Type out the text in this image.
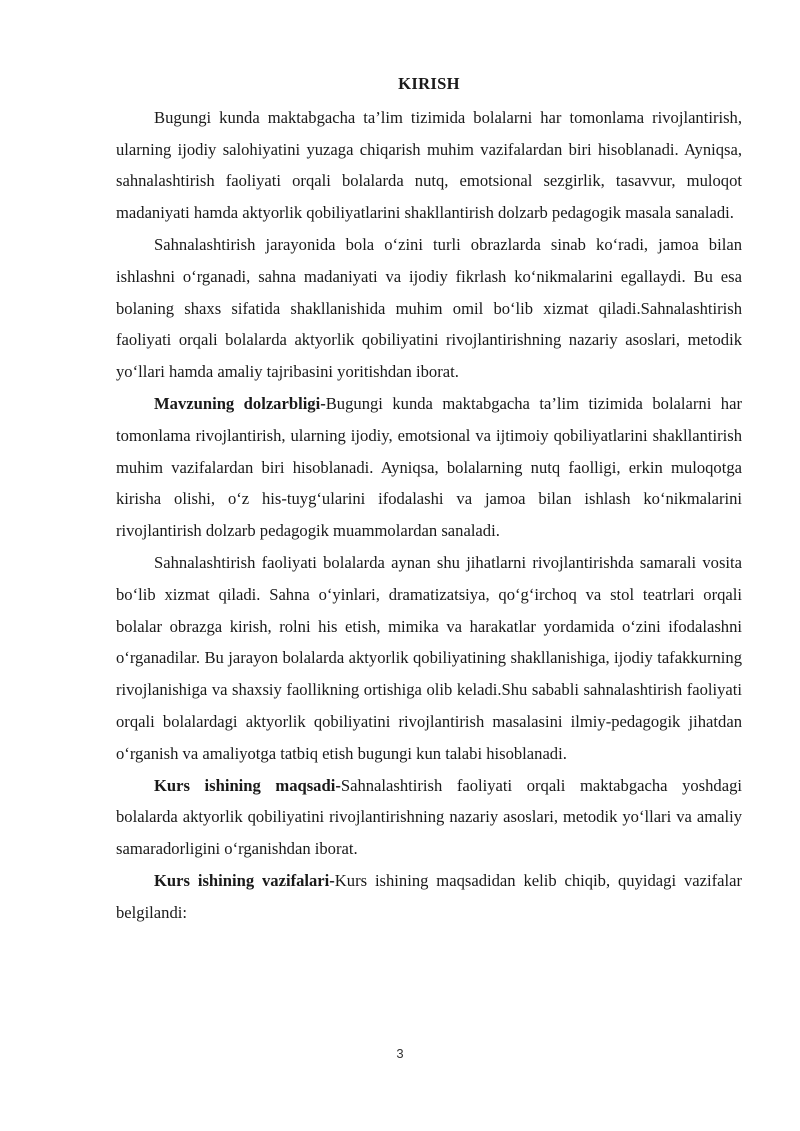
KIRISH

Bugungi kunda maktabgacha ta’lim tizimida bolalarni har tomonlama rivojlantirish, ularning ijodiy salohiyatini yuzaga chiqarish muhim vazifalardan biri hisoblanadi. Ayniqsa, sahnalashtirish faoliyati orqali bolalarda nutq, emotsional sezgirlik, tasavvur, muloqot madaniyati hamda aktyorlik qobiliyatlarini shakllantirish dolzarb pedagogik masala sanaladi.

Sahnalashtirish jarayonida bola o‘zini turli obrazlarda sinab ko‘radi, jamoa bilan ishlashni o‘rganadi, sahna madaniyati va ijodiy fikrlash ko‘nikmalarini egallaydi. Bu esa bolaning shaxs sifatida shakllanishida muhim omil bo‘lib xizmat qiladi.Sahnalashtirish faoliyati orqali bolalarda aktyorlik qobiliyatini rivojlantirishning nazariy asoslari, metodik yo‘llari hamda amaliy tajribasini yoritishdan iborat.

Mavzuning dolzarbligi-Bugungi kunda maktabgacha ta’lim tizimida bolalarni har tomonlama rivojlantirish, ularning ijodiy, emotsional va ijtimoiy qobiliyatlarini shakllantirish muhim vazifalardan biri hisoblanadi. Ayniqsa, bolalarning nutq faolligi, erkin muloqotga kirisha olishi, o‘z his-tuyg‘ularini ifodalashi va jamoa bilan ishlash ko‘nikmalarini rivojlantirish dolzarb pedagogik muammolardan sanaladi.

Sahnalashtirish faoliyati bolalarda aynan shu jihatlarni rivojlantirishda samarali vosita bo‘lib xizmat qiladi. Sahna o‘yinlari, dramatizatsiya, qo‘g‘irchoq va stol teatrlari orqali bolalar obrazga kirish, rolni his etish, mimika va harakatlar yordamida o‘zini ifodalashni o‘rganadilar. Bu jarayon bolalarda aktyorlik qobiliyatining shakllanishiga, ijodiy tafakkurning rivojlanishiga va shaxsiy faollikning ortishiga olib keladi.Shu sababli sahnalashtirish faoliyati orqali bolalardagi aktyorlik qobiliyatini rivojlantirish masalasini ilmiy-pedagogik jihatdan o‘rganish va amaliyotga tatbiq etish bugungi kun talabi hisoblanadi.

Kurs ishining maqsadi-Sahnalashtirish faoliyati orqali maktabgacha yoshdagi bolalarda aktyorlik qobiliyatini rivojlantirishning nazariy asoslari, metodik yo‘llari va amaliy samaradorligini o‘rganishdan iborat.

Kurs ishining vazifalari-Kurs ishining maqsadidan kelib chiqib, quyidagi vazifalar belgilandi:

3
